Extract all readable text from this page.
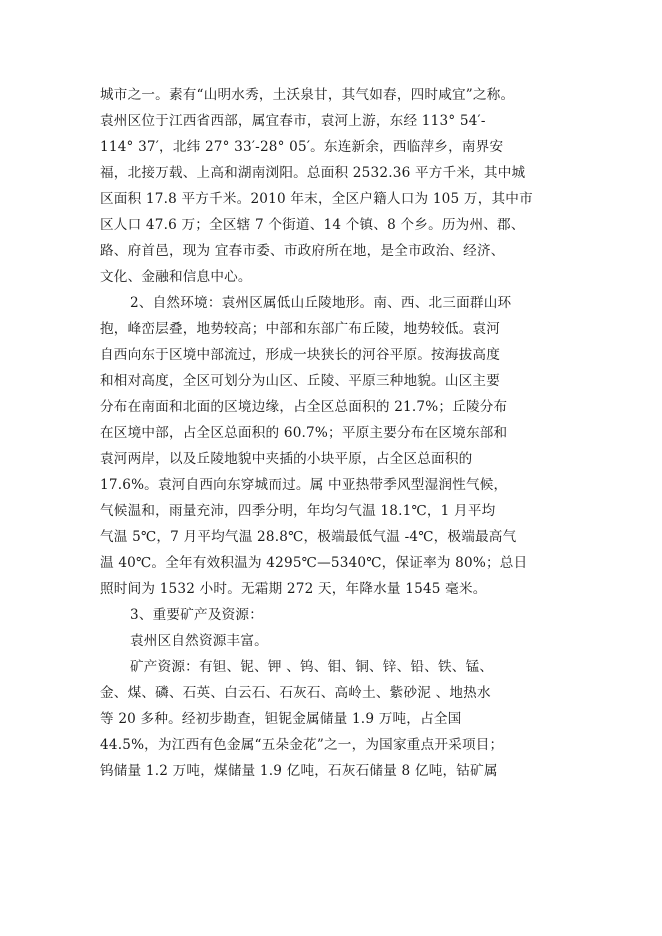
城市之一。素有“山明水秀，土沃泉甘，其气如春，四时咸宜”之称。
袁州区位于江西省西部，属宜春市，袁河上游，东经 113° 54′-
114° 37′，北纬 27° 33′-28° 05′。东连新余，西临萍乡，南界安
福，北接万载、上高和湖南浏阳。总面积 2532.36 平方千米，其中城
区面积 17.8 平方千米。2010 年末，全区户籍人口为 105 万，其中市
区人口 47.6 万；全区辖 7 个街道、14 个镇、8 个乡。历为州、郡、
路、府首邑，现为 宜春市委、市政府所在地，是全市政治、经济、
文化、金融和信息中心。
2、自然环境：袁州区属低山丘陵地形。南、西、北三面群山环
抱，峰峦层叠，地势较高；中部和东部广布丘陵，地势较低。袁河
自西向东于区境中部流过，形成一块狭长的河谷平原。按海拔高度
和相对高度，全区可划分为山区、丘陵、平原三种地貌。山区主要
分布在南面和北面的区境边缘，占全区总面积的 21.7%；丘陵分布
在区境中部，占全区总面积的 60.7%；平原主要分布在区境东部和
袁河两岸，以及丘陵地貌中夹插的小块平原，占全区总面积的
17.6%。袁河自西向东穿城而过。属 中亚热带季风型湿润性气候，
气候温和，雨量充沛，四季分明，年均匀气温 18.1℃，1 月平均
气温 5℃，7 月平均气温 28.8℃，极端最低气温 -4℃，极端最高气
温 40℃。全年有效积温为 4295℃—5340℃，保证率为 80%；总日
照时间为 1532 小时。无霜期 272 天，年降水量 1545 毫米。
3、重要矿产及资源：
袁州区自然资源丰富。
矿产资源：有钽、铌、钾 、钨、钼、铜、锌、铅、铁、锰、
金、煤、磷、石英、白云石、石灰石、高岭土、紫砂泥 、地热水
等 20 多种。经初步勘查，钽铌金属储量 1.9 万吨，占全国
44.5%，为江西有色金属“五朵金花”之一，为国家重点开采项目；
钨储量 1.2 万吨，煤储量 1.9 亿吨，石灰石储量 8 亿吨，钴矿属
